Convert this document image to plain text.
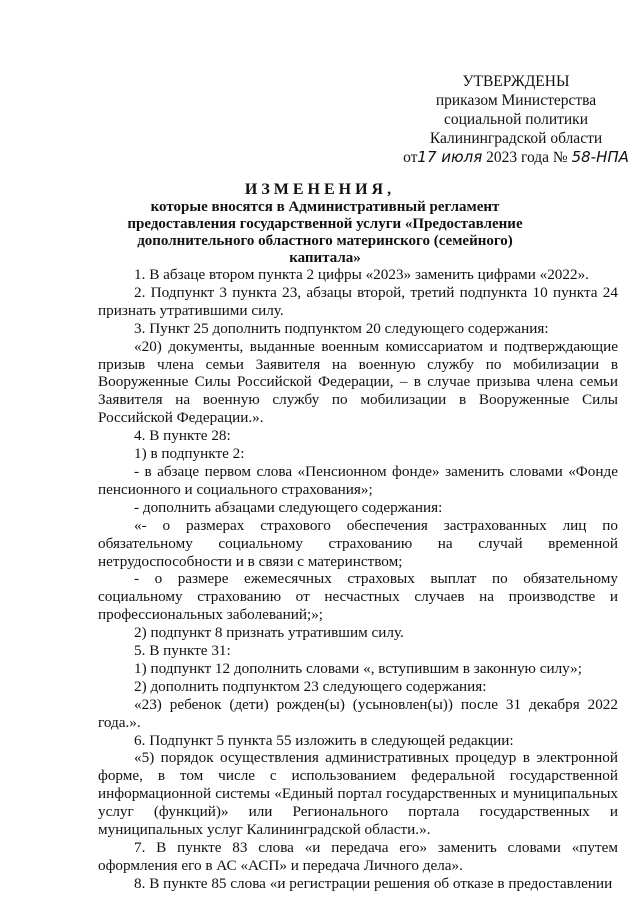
УТВЕРЖДЕНЫ
приказом Министерства
социальной политики
Калининградской области
от17 июля 2023 года № 58-НПА
ИЗМЕНЕНИЯ,
которые вносятся в Административный регламент предоставления государственной услуги «Предоставление дополнительного областного материнского (семейного) капитала»

1. В абзаце втором пункта 2 цифры «2023» заменить цифрами «2022».

2. Подпункт 3 пункта 23, абзацы второй, третий подпункта 10 пункта 24 признать утратившими силу.

3. Пункт 25 дополнить подпунктом 20 следующего содержания:

«20) документы, выданные военным комиссариатом и подтверждающие призыв члена семьи Заявителя на военную службу по мобилизации в Вооруженные Силы Российской Федерации, – в случае призыва члена семьи Заявителя на военную службу по мобилизации в Вооруженные Силы Российской Федерации.».

4. В пункте 28:

1) в подпункте 2:

- в абзаце первом слова «Пенсионном фонде» заменить словами «Фонде пенсионного и социального страхования»;

- дополнить абзацами следующего содержания:

«- о размерах страхового обеспечения застрахованных лиц по обязательному социальному страхованию на случай временной нетрудоспособности и в связи с материнством;

- о размере ежемесячных страховых выплат по обязательному социальному страхованию от несчастных случаев на производстве и профессиональных заболеваний;»;

2) подпункт 8 признать утратившим силу.

5. В пункте 31:

1) подпункт 12 дополнить словами «, вступившим в законную силу»;

2) дополнить подпунктом 23 следующего содержания:

«23) ребенок (дети) рожден(ы) (усыновлен(ы)) после 31 декабря 2022 года.».

6. Подпункт 5 пункта 55 изложить в следующей редакции:

«5) порядок осуществления административных процедур в электронной форме, в том числе с использованием федеральной государственной информационной системы «Единый портал государственных и муниципальных услуг (функций)» или Регионального портала государственных и муниципальных услуг Калининградской области.».

7. В пункте 83 слова «и передача его» заменить словами «путем оформления его в АС «АСП» и передача Личного дела».

8. В пункте 85 слова «и регистрации решения об отказе в предоставлении
